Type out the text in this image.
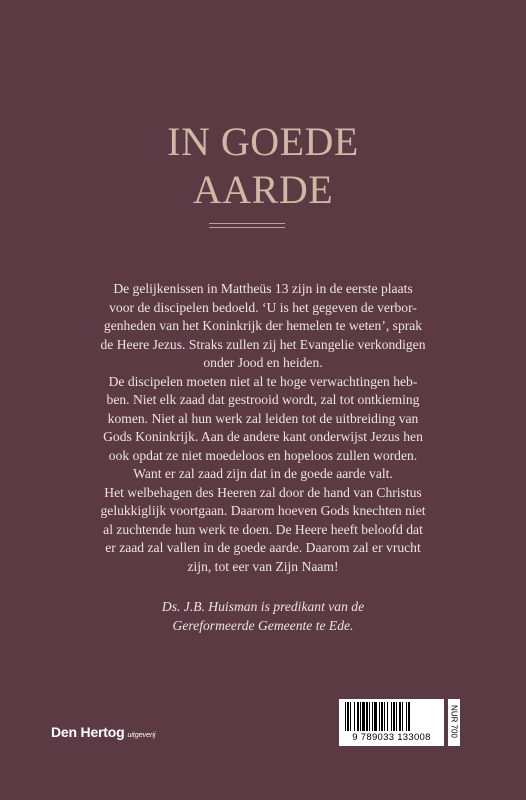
IN GOEDE
AARDE
De gelijkenissen in Mattheüs 13 zijn in de eerste plaats
voor de discipelen bedoeld. ‘U is het gegeven de verbor-
genheden van het Koninkrijk der hemelen te weten’, sprak
de Heere Jezus. Straks zullen zij het Evangelie verkondigen
onder Jood en heiden.
De discipelen moeten niet al te hoge verwachtingen heb-
ben. Niet elk zaad dat gestrooid wordt, zal tot ontkieming
komen. Niet al hun werk zal leiden tot de uitbreiding van
Gods Koninkrijk. Aan de andere kant onderwijst Jezus hen
ook opdat ze niet moedeloos en hopeloos zullen worden.
Want er zal zaad zijn dat in de goede aarde valt.
Het welbehagen des Heeren zal door de hand van Christus
gelukkiglijk voortgaan. Daarom hoeven Gods knechten niet
al zuchtende hun werk te doen. De Heere heeft beloofd dat
er zaad zal vallen in de goede aarde. Daarom zal er vrucht
zijn, tot eer van Zijn Naam!
Ds. J.B. Huisman is predikant van de
Gereformeerde Gemeente te Ede.
Den Hertog uitgeverij	9 789033 133008	NUR 700
